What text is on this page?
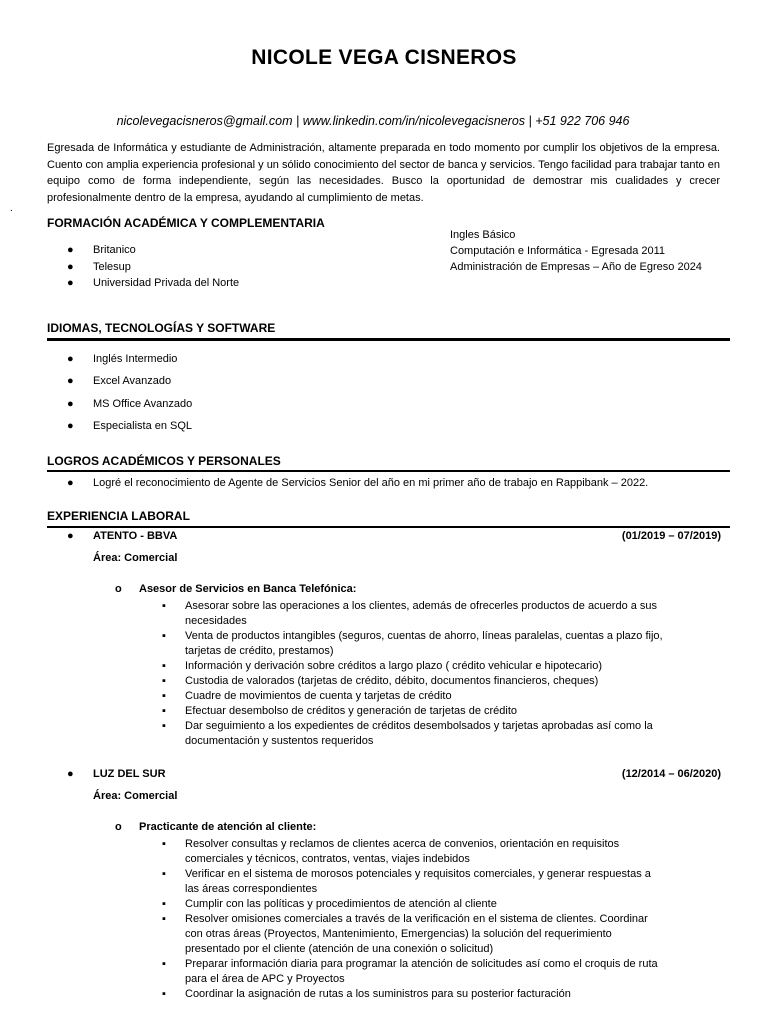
NICOLE VEGA CISNEROS
nicolevegacisneros@gmail.com | www.linkedin.com/in/nicolevegacisneros | +51 922 706 946
Egresada de Informática y estudiante de Administración, altamente preparada en todo momento por cumplir los objetivos de la empresa. Cuento con amplia experiencia profesional y un sólido conocimiento del sector de banca y servicios. Tengo facilidad para trabajar tanto en equipo como de forma independiente, según las necesidades. Busco la oportunidad de demostrar mis cualidades y crecer profesionalmente dentro de la empresa, ayudando al cumplimiento de metas.
.
FORMACIÓN ACADÉMICA Y COMPLEMENTARIA
● Britanico
● Telesup
● Universidad Privada del Norte
Ingles Básico
Computación e Informática - Egresada 2011
Administración de Empresas – Año de Egreso 2024
IDIOMAS, TECNOLOGÍAS Y SOFTWARE
● Inglés Intermedio
● Excel Avanzado
● MS Office Avanzado
● Especialista en SQL
LOGROS ACADÉMICOS Y PERSONALES
● Logré el reconocimiento de Agente de Servicios Senior del año en mi primer año de trabajo en Rappibank – 2022.
EXPERIENCIA LABORAL
● ATENTO - BBVA	(01/2019 – 07/2019)
Área: Comercial
o Asesor de Servicios en Banca Telefónica:
▪ Asesorar sobre las operaciones a los clientes, además de ofrecerles productos de acuerdo a sus necesidades
▪ Venta de productos intangibles (seguros, cuentas de ahorro, líneas paralelas, cuentas a plazo fijo, tarjetas de crédito, prestamos)
▪ Información y derivación sobre créditos a largo plazo ( crédito vehicular e hipotecario)
▪ Custodia de valorados (tarjetas de crédito, débito, documentos financieros, cheques)
▪ Cuadre de movimientos de cuenta y tarjetas de crédito
▪ Efectuar desembolso de créditos y generación de tarjetas de crédito
▪ Dar seguimiento a los expedientes de créditos desembolsados y tarjetas aprobadas así como la documentación y sustentos requeridos
● LUZ DEL SUR	(12/2014 – 06/2020)
Área: Comercial
o Practicante de atención al cliente:
▪ Resolver consultas y reclamos de clientes acerca de convenios, orientación en requisitos comerciales y técnicos, contratos, ventas, viajes indebidos
▪ Verificar en el sistema de morosos potenciales y requisitos comerciales, y generar respuestas a las áreas correspondientes
▪ Cumplir con las políticas y procedimientos de atención al cliente
▪ Resolver omisiones comerciales a través de la verificación en el sistema de clientes. Coordinar con otras áreas (Proyectos, Mantenimiento, Emergencias) la solución del requerimiento presentado por el cliente (atención de una conexión o solicitud)
▪ Preparar información diaria para programar la atención de solicitudes así como el croquis de ruta para el área de APC y Proyectos
▪ Coordinar la asignación de rutas a los suministros para su posterior facturación
